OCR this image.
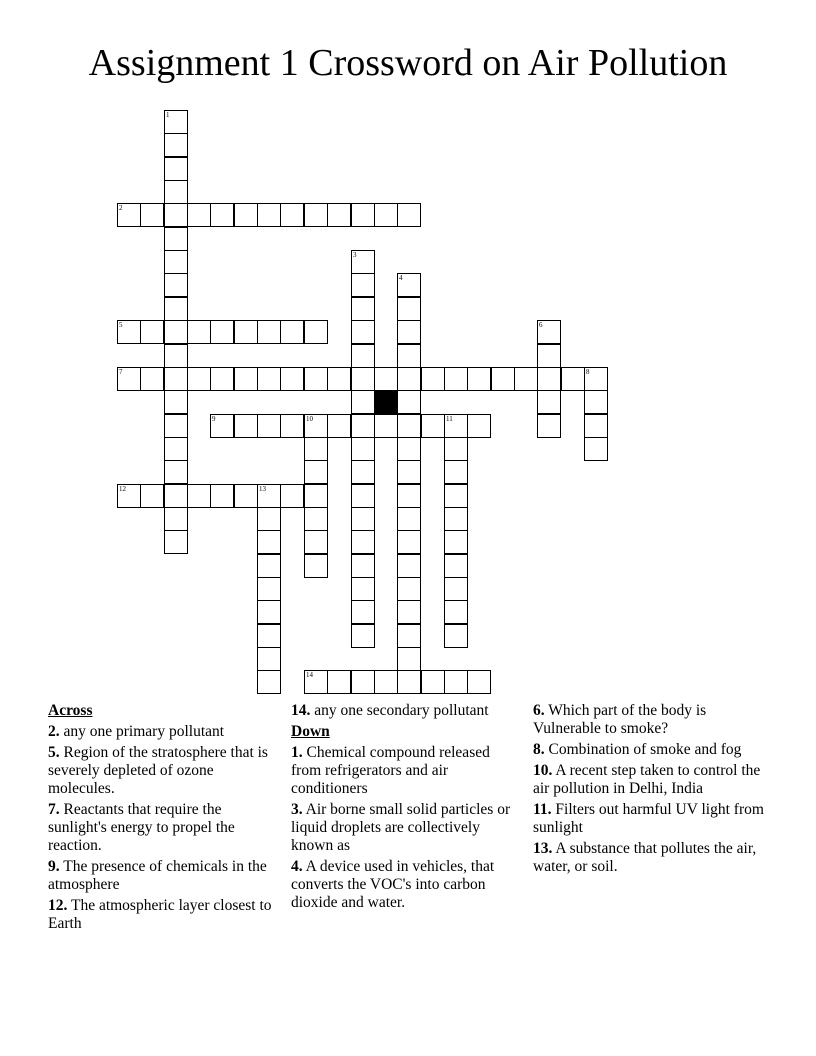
Assignment 1 Crossword on Air Pollution
1
2
3
4
5	6
7	8
9	10	11
12	13
14
Across
2. any one primary pollutant
5. Region of the stratosphere that is severely depleted of ozone molecules.
7. Reactants that require the sunlight's energy to propel the reaction.
9. The presence of chemicals in the atmosphere
12. The atmospheric layer closest to Earth
14. any one secondary pollutant
Down
1. Chemical compound released from refrigerators and air conditioners
3. Air borne small solid particles or liquid droplets are collectively known as
4. A device used in vehicles, that converts the VOC's into carbon dioxide and water.
6. Which part of the body is Vulnerable to smoke?
8. Combination of smoke and fog
10. A recent step taken to control the air pollution in Delhi, India
11. Filters out harmful UV light from sunlight
13. A substance that pollutes the air, water, or soil.
